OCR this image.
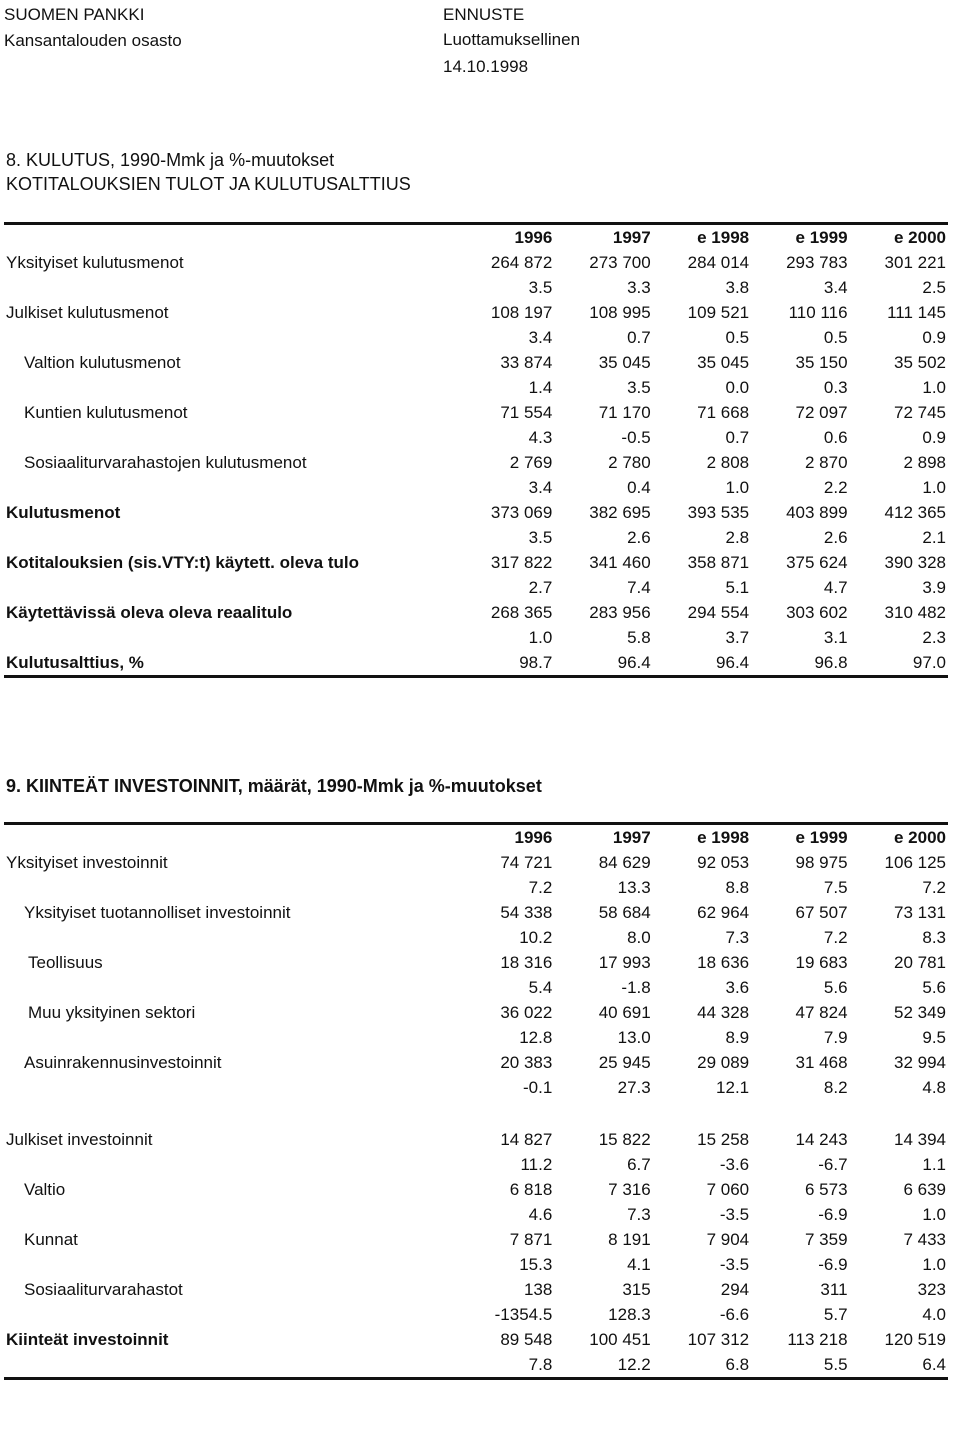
SUOMEN PANKKI
Kansantalouden osasto
ENNUSTE
Luottamuksellinen
14.10.1998
8. KULUTUS, 1990-Mmk ja %-muutokset
KOTITALOUKSIEN TULOT JA KULUTUSALTTIUS
	1996	1997	e 1998	e 1999	e 2000
Yksityiset kulutusmenot	264 872	273 700	284 014	293 783	301 221
	3.5	3.3	3.8	3.4	2.5
Julkiset kulutusmenot	108 197	108 995	109 521	110 116	111 145
	3.4	0.7	0.5	0.5	0.9
Valtion kulutusmenot	33 874	35 045	35 045	35 150	35 502
	1.4	3.5	0.0	0.3	1.0
Kuntien kulutusmenot	71 554	71 170	71 668	72 097	72 745
	4.3	-0.5	0.7	0.6	0.9
Sosiaaliturvarahastojen kulutusmenot	2 769	2 780	2 808	2 870	2 898
	3.4	0.4	1.0	2.2	1.0
Kulutusmenot	373 069	382 695	393 535	403 899	412 365
	3.5	2.6	2.8	2.6	2.1
Kotitalouksien (sis.VTY:t) käytett. oleva tulo	317 822	341 460	358 871	375 624	390 328
	2.7	7.4	5.1	4.7	3.9
Käytettävissä oleva oleva reaalitulo	268 365	283 956	294 554	303 602	310 482
	1.0	5.8	3.7	3.1	2.3
Kulutusalttius, %	98.7	96.4	96.4	96.8	97.0
9. KIINTEÄT INVESTOINNIT, määrät, 1990-Mmk ja %-muutokset
	1996	1997	e 1998	e 1999	e 2000
Yksityiset investoinnit	74 721	84 629	92 053	98 975	106 125
	7.2	13.3	8.8	7.5	7.2
Yksityiset tuotannolliset investoinnit	54 338	58 684	62 964	67 507	73 131
	10.2	8.0	7.3	7.2	8.3
Teollisuus	18 316	17 993	18 636	19 683	20 781
	5.4	-1.8	3.6	5.6	5.6
Muu yksityinen sektori	36 022	40 691	44 328	47 824	52 349
	12.8	13.0	8.9	7.9	9.5
Asuinrakennusinvestoinnit	20 383	25 945	29 089	31 468	32 994
	-0.1	27.3	12.1	8.2	4.8

Julkiset investoinnit	14 827	15 822	15 258	14 243	14 394
	11.2	6.7	-3.6	-6.7	1.1
Valtio	6 818	7 316	7 060	6 573	6 639
	4.6	7.3	-3.5	-6.9	1.0
Kunnat	7 871	8 191	7 904	7 359	7 433
	15.3	4.1	-3.5	-6.9	1.0
Sosiaaliturvarahastot	138	315	294	311	323
	-1354.5	128.3	-6.6	5.7	4.0
Kiinteät investoinnit	89 548	100 451	107 312	113 218	120 519
	7.8	12.2	6.8	5.5	6.4
